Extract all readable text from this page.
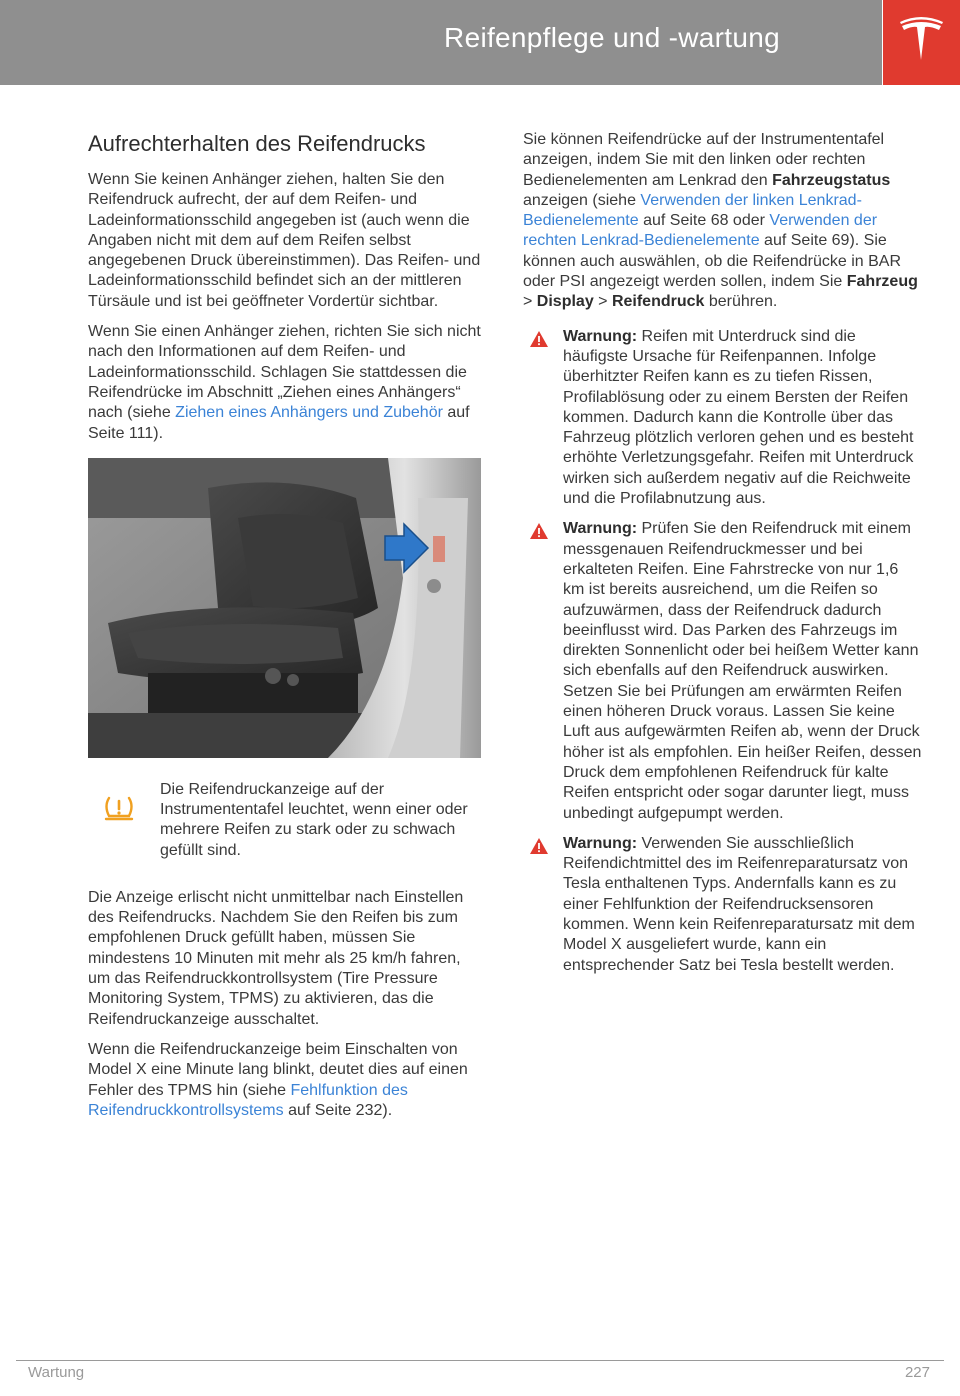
Reifenpflege und -wartung
Aufrechterhalten des Reifendrucks

Wenn Sie keinen Anhänger ziehen, halten Sie den Reifendruck aufrecht, der auf dem Reifen- und Ladeinformationsschild angegeben ist (auch wenn die Angaben nicht mit dem auf dem Reifen selbst angegebenen Druck übereinstimmen). Das Reifen- und Ladeinformationsschild befindet sich an der mittleren Türsäule und ist bei geöffneter Vordertür sichtbar.

Wenn Sie einen Anhänger ziehen, richten Sie sich nicht nach den Informationen auf dem Reifen- und Ladeinformationsschild. Schlagen Sie stattdessen die Reifendrücke im Abschnitt „Ziehen eines Anhängers“ nach (siehe Ziehen eines Anhängers und Zubehör auf Seite 111).

Die Reifendruckanzeige auf der Instrumententafel leuchtet, wenn einer oder mehrere Reifen zu stark oder zu schwach gefüllt sind.

Die Anzeige erlischt nicht unmittelbar nach Einstellen des Reifendrucks. Nachdem Sie den Reifen bis zum empfohlenen Druck gefüllt haben, müssen Sie mindestens 10 Minuten mit mehr als 25 km/h fahren, um das Reifendruckkontrollsystem (Tire Pressure Monitoring System, TPMS) zu aktivieren, das die Reifendruckanzeige ausschaltet.

Wenn die Reifendruckanzeige beim Einschalten von Model X eine Minute lang blinkt, deutet dies auf einen Fehler des TPMS hin (siehe Fehlfunktion des Reifendruckkontrollsystems auf Seite 232).

Sie können Reifendrücke auf der Instrumententafel anzeigen, indem Sie mit den linken oder rechten Bedienelementen am Lenkrad den Fahrzeugstatus anzeigen (siehe Verwenden der linken Lenkrad-Bedienelemente auf Seite 68 oder Verwenden der rechten Lenkrad-Bedienelemente auf Seite 69). Sie können auch auswählen, ob die Reifendrücke in BAR oder PSI angezeigt werden sollen, indem Sie Fahrzeug > Display > Reifendruck berühren.

Warnung: Reifen mit Unterdruck sind die häufigste Ursache für Reifenpannen. Infolge überhitzter Reifen kann es zu tiefen Rissen, Profilablösung oder zu einem Bersten der Reifen kommen. Dadurch kann die Kontrolle über das Fahrzeug plötzlich verloren gehen und es besteht erhöhte Verletzungsgefahr. Reifen mit Unterdruck wirken sich außerdem negativ auf die Reichweite und die Profilabnutzung aus.
Warnung: Prüfen Sie den Reifendruck mit einem messgenauen Reifendruckmesser und bei erkalteten Reifen. Eine Fahrstrecke von nur 1,6 km ist bereits ausreichend, um die Reifen so aufzuwärmen, dass der Reifendruck dadurch beeinflusst wird. Das Parken des Fahrzeugs im direkten Sonnenlicht oder bei heißem Wetter kann sich ebenfalls auf den Reifendruck auswirken. Setzen Sie bei Prüfungen am erwärmten Reifen einen höheren Druck voraus. Lassen Sie keine Luft aus aufgewärmten Reifen ab, wenn der Druck höher ist als empfohlen. Ein heißer Reifen, dessen Druck dem empfohlenen Reifendruck für kalte Reifen entspricht oder sogar darunter liegt, muss unbedingt aufgepumpt werden.
Warnung: Verwenden Sie ausschließlich Reifendichtmittel des im Reifenreparatursatz von Tesla enthaltenen Typs. Andernfalls kann es zu einer Fehlfunktion der Reifendrucksensoren kommen. Wenn kein Reifenreparatursatz mit dem Model X ausgeliefert wurde, kann ein entsprechender Satz bei Tesla bestellt werden.
Wartung	227
